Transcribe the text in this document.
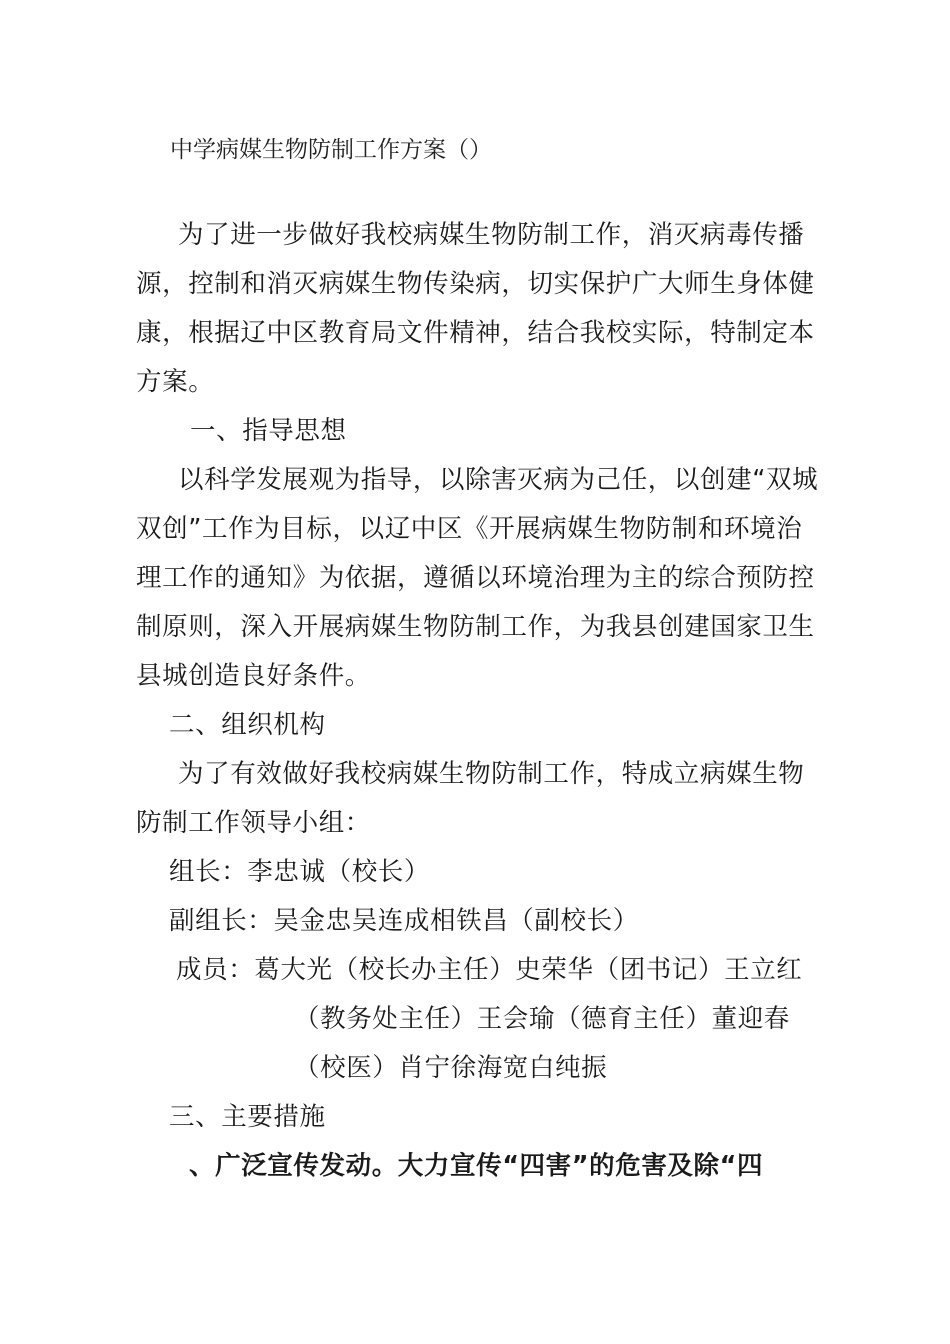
中学病媒生物防制工作方案（）

为了进一步做好我校病媒生物防制工作，消灭病毒传播源，控制和消灭病媒生物传染病，切实保护广大师生身体健康，根据辽中区教育局文件精神，结合我校实际，特制定本方案。

一、指导思想

以科学发展观为指导，以除害灭病为己任，以创建“双城双创”工作为目标，以辽中区《开展病媒生物防制和环境治理工作的通知》为依据，遵循以环境治理为主的综合预防控制原则，深入开展病媒生物防制工作，为我县创建国家卫生县城创造良好条件。

二、组织机构

为了有效做好我校病媒生物防制工作，特成立病媒生物防制工作领导小组：

组长：李忠诚（校长）

副组长：吴金忠吴连成相铁昌（副校长）

成员：葛大光（校长办主任）史荣华（团书记）王立红

（教务处主任）王会瑜（德育主任）董迎春

（校医）肖宁徐海宽白纯振

三、主要措施

、广泛宣传发动。大力宣传“四害”的危害及除“四
